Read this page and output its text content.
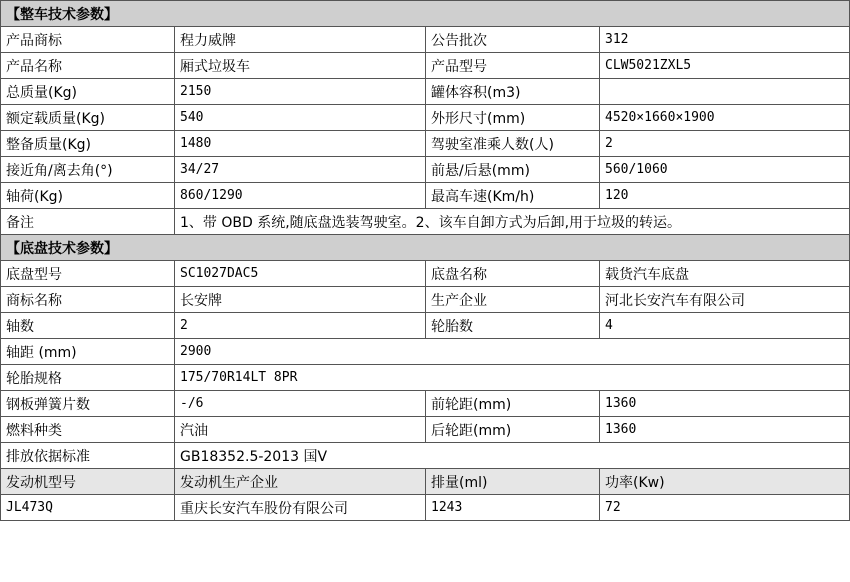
【整车技术参数】			
产品商标	程力威牌	公告批次	312
产品名称	厢式垃圾车	产品型号	CLW5021ZXL5
总质量(Kg)	2150	罐体容积(m3)	
额定载质量(Kg)	540	外形尺寸(mm)	4520×1660×1900
整备质量(Kg)	1480	驾驶室准乘人数(人)	2
接近角/离去角(°)	34/27	前悬/后悬(mm)	560/1060
轴荷(Kg)	860/1290	最高车速(Km/h)	120
备注	1、带 OBD 系统,随底盘选装驾驶室。2、该车自卸方式为后卸,用于垃圾的转运。		
【底盘技术参数】			
底盘型号	SC1027DAC5	底盘名称	载货汽车底盘
商标名称	长安牌	生产企业	河北长安汽车有限公司
轴数	2	轮胎数	4
轴距 (mm)	2900		
轮胎规格	175/70R14LT 8PR		
钢板弹簧片数	-/6	前轮距(mm)	1360
燃料种类	汽油	后轮距(mm)	1360
排放依据标准	GB18352.5-2013 国V		
发动机型号	发动机生产企业	排量(ml)	功率(Kw)
JL473Q	重庆长安汽车股份有限公司	1243	72
